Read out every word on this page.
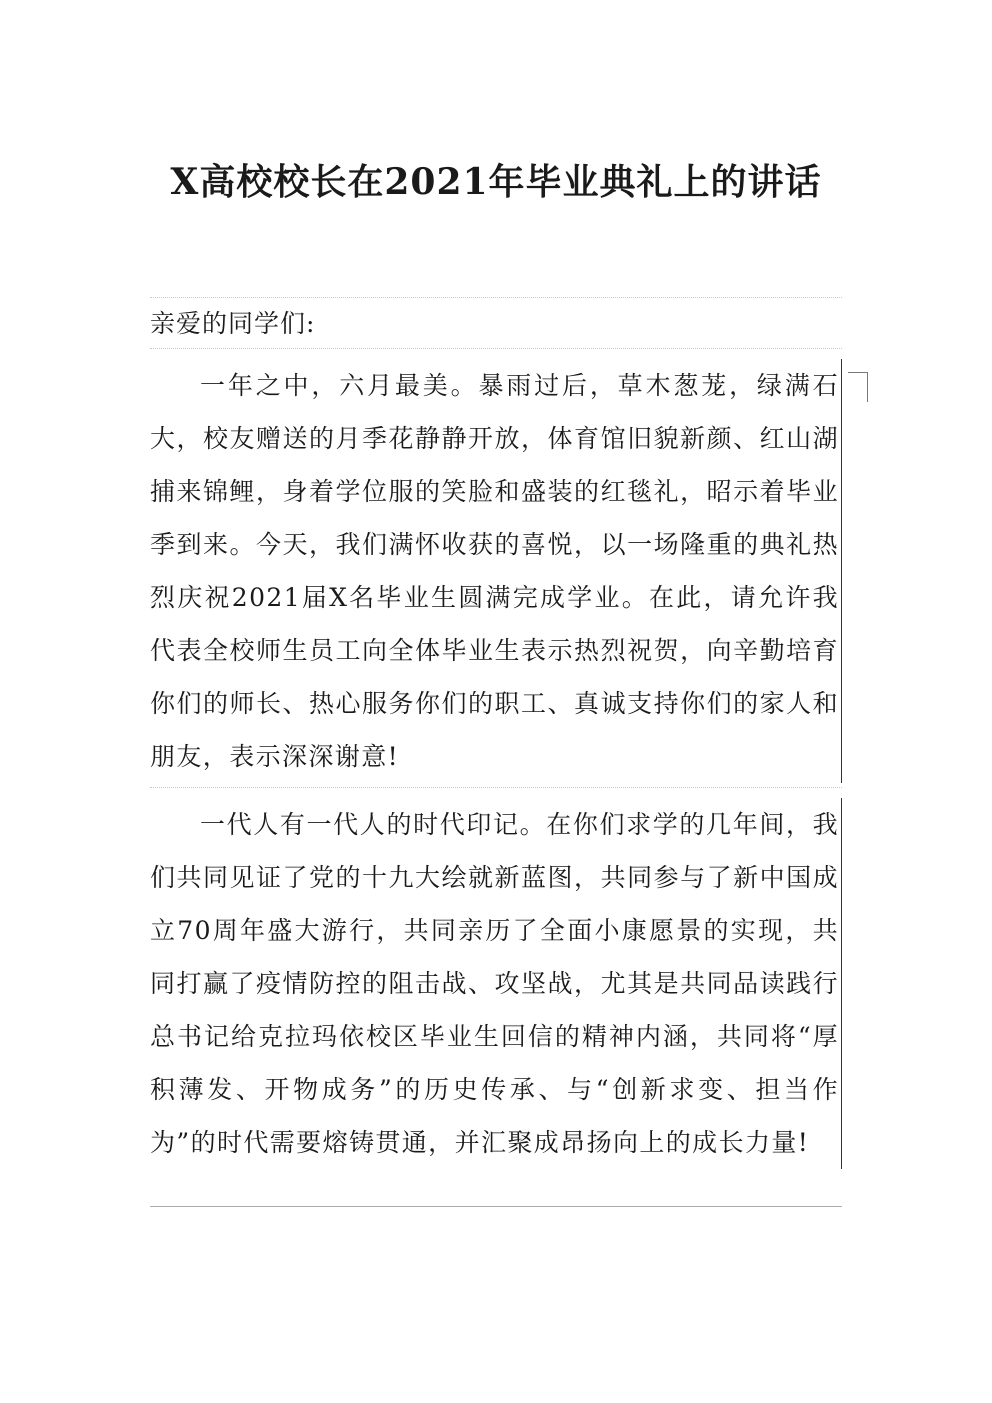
X高校校长在2021年毕业典礼上的讲话

亲爱的同学们:

一年之中，六月最美。暴雨过后，草木葱茏，绿满石大，校友赠送的月季花静静开放，体育馆旧貌新颜、红山湖捕来锦鲤，身着学位服的笑脸和盛装的红毯礼，昭示着毕业季到来。今天，我们满怀收获的喜悦，以一场隆重的典礼热烈庆祝2021届X名毕业生圆满完成学业。在此，请允许我代表全校师生员工向全体毕业生表示热烈祝贺，向辛勤培育你们的师长、热心服务你们的职工、真诚支持你们的家人和朋友，表示深深谢意!

一代人有一代人的时代印记。在你们求学的几年间，我们共同见证了党的十九大绘就新蓝图，共同参与了新中国成立70周年盛大游行，共同亲历了全面小康愿景的实现，共同打赢了疫情防控的阻击战、攻坚战，尤其是共同品读践行总书记给克拉玛依校区毕业生回信的精神内涵，共同将“厚积薄发、开物成务”的历史传承、与“创新求变、担当作为”的时代需要熔铸贯通，并汇聚成昂扬向上的成长力量!
